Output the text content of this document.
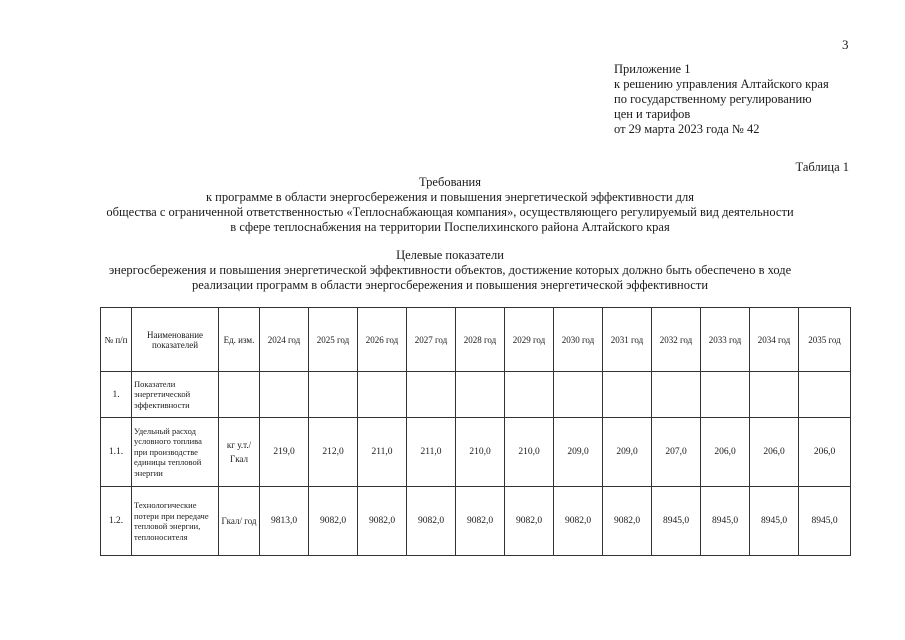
3
Приложение 1
к решению управления Алтайского края
по государственному регулированию
цен и тарифов
от 29 марта 2023 года № 42
Таблица 1
Требования
к программе в области энергосбережения и повышения энергетической эффективности для
общества с ограниченной ответственностью «Теплоснабжающая компания», осуществляющего регулируемый вид деятельности
в сфере теплоснабжения на территории Поспелихинского района Алтайского края
Целевые показатели
энергосбережения и повышения энергетической эффективности объектов, достижение которых должно быть обеспечено в ходе
реализации программ в области энергосбережения и повышения энергетической эффективности
№ п/п	Наименование показателей	Ед. изм.	2024 год	2025 год	2026 год	2027 год	2028 год	2029 год	2030 год	2031 год	2032 год	2033 год	2034 год	2035 год
1.	Показатели энергетической эффективности													
1.1.	Удельный расход условного топлива при производстве единицы тепловой энергии	кг у.т./ Гкал	219,0	212,0	211,0	211,0	210,0	210,0	209,0	209,0	207,0	206,0	206,0	206,0
1.2.	Технологические потери при передаче тепловой энергии, теплоносителя	Гкал/ год	9813,0	9082,0	9082,0	9082,0	9082,0	9082,0	9082,0	9082,0	8945,0	8945,0	8945,0	8945,0
